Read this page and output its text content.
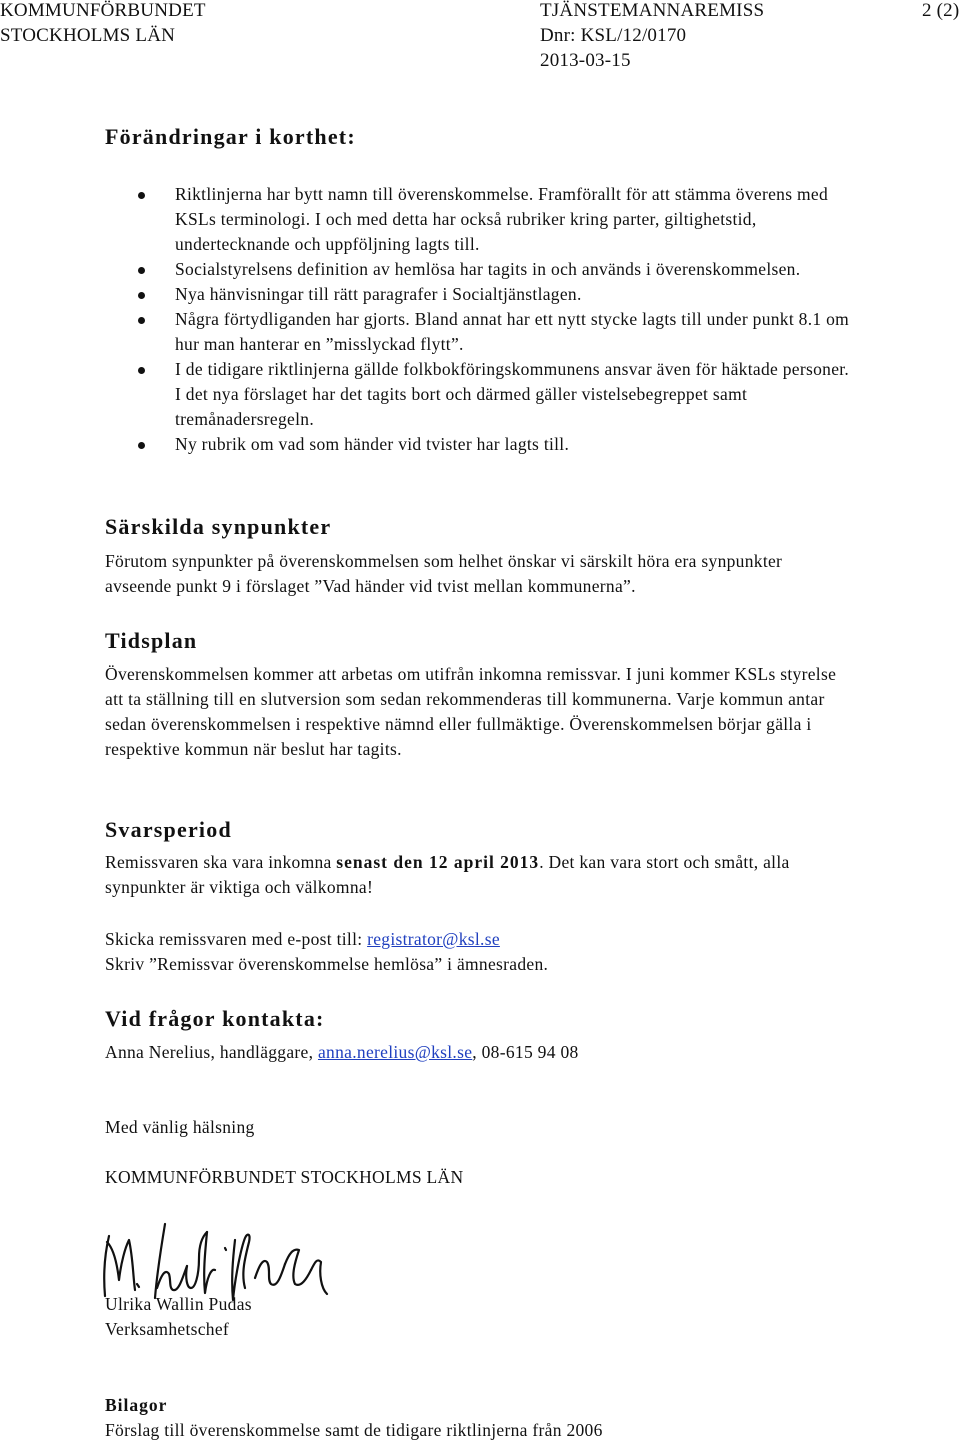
KOMMUNFÖRBUNDET
STOCKHOLMS LÄN
TJÄNSTEMANNAREMISS
Dnr: KSL/12/0170
2013-03-15
2 (2)
Förändringar i korthet:
Riktlinjerna har bytt namn till överenskommelse. Framförallt för att stämma överens med KSLs terminologi. I och med detta har också rubriker kring parter, giltighetstid, undertecknande och uppföljning lagts till.
Socialstyrelsens definition av hemlösa har tagits in och används i överenskommelsen.
Nya hänvisningar till rätt paragrafer i Socialtjänstlagen.
Några förtydliganden har gjorts. Bland annat har ett nytt stycke lagts till under punkt 8.1 om hur man hanterar en ”misslyckad flytt”.
I de tidigare riktlinjerna gällde folkbokföringskommunens ansvar även för häktade personer. I det nya förslaget har det tagits bort och därmed gäller vistelsebegreppet samt tremånadersregeln.
Ny rubrik om vad som händer vid tvister har lagts till.
Särskilda synpunkter

Förutom synpunkter på överenskommelsen som helhet önskar vi särskilt höra era synpunkter avseende punkt 9 i förslaget ”Vad händer vid tvist mellan kommunerna”.

Tidsplan

Överenskommelsen kommer att arbetas om utifrån inkomna remissvar. I juni kommer KSLs styrelse att ta ställning till en slutversion som sedan rekommenderas till kommunerna. Varje kommun antar sedan överenskommelsen i respektive nämnd eller fullmäktige. Överenskommelsen börjar gälla i respektive kommun när beslut har tagits.

Svarsperiod

Remissvaren ska vara inkomna senast den 12 april 2013. Det kan vara stort och smått, alla synpunkter är viktiga och välkomna!

Skicka remissvaren med e-post till: registrator@ksl.se

Skriv ”Remissvar överenskommelse hemlösa” i ämnesraden.

Vid frågor kontakta:

Anna Nerelius, handläggare, anna.nerelius@ksl.se, 08-615 94 08

Med vänlig hälsning

KOMMUNFÖRBUNDET STOCKHOLMS LÄN

Ulrika Wallin Pudas

Verksamhetschef

Bilagor

Förslag till överenskommelse samt de tidigare riktlinjerna från 2006
